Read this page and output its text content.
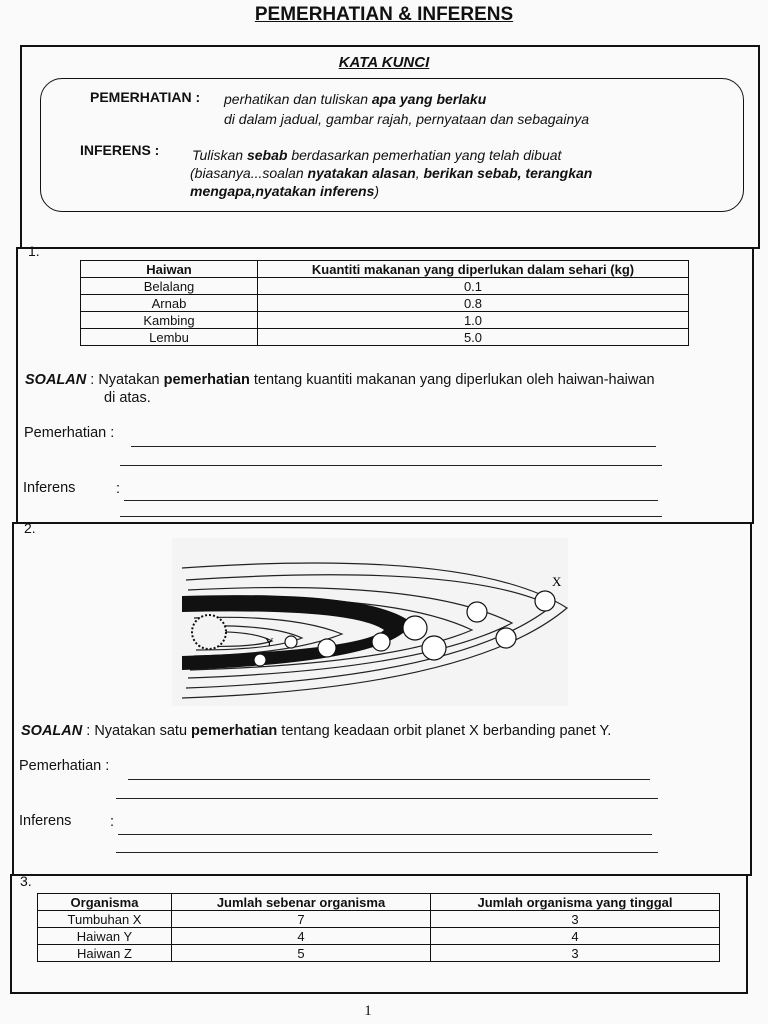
PEMERHATIAN & INFERENS
KATA KUNCI
PEMERHATIAN : perhatikan dan tuliskan apa yang berlaku
di dalam jadual, gambar rajah, pernyataan dan sebagainya
INFERENS : Tuliskan sebab berdasarkan pemerhatian yang telah dibuat
(biasanya...soalan nyatakan alasan, berikan sebab, terangkan
mengapa,nyatakan inferens)
1.
Haiwan	Kuantiti makanan yang diperlukan dalam sehari (kg)
Belalang	0.1
Arnab	0.8
Kambing	1.0
Lembu	5.0
SOALAN : Nyatakan pemerhatian tentang kuantiti makanan yang diperlukan oleh haiwan-haiwan
di atas.
Pemerhatian :
Inferens	:
2.
X
Y
SOALAN : Nyatakan satu pemerhatian tentang keadaan orbit planet X berbanding panet Y.
Pemerhatian :
Inferens	:
3.
Organisma	Jumlah sebenar organisma	Jumlah organisma yang tinggal
Tumbuhan X	7	3
Haiwan Y	4	4
Haiwan Z	5	3
1
